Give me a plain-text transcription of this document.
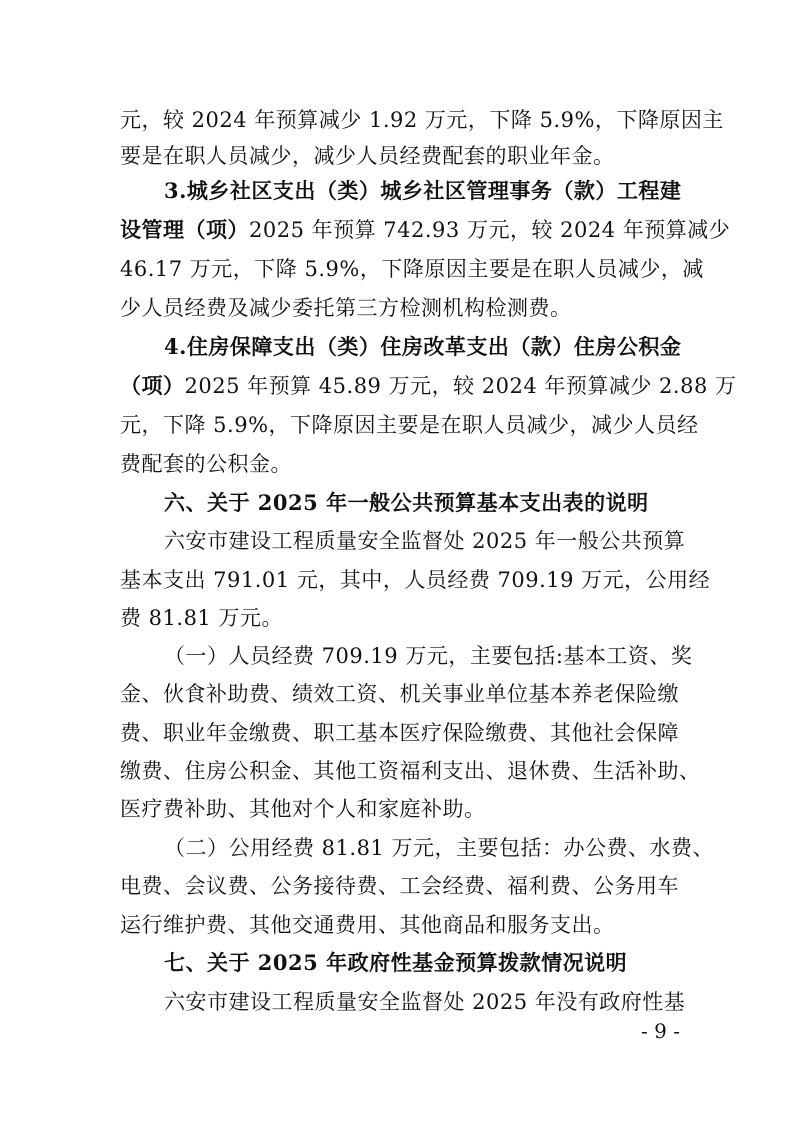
元，较 2024 年预算减少 1.92 万元，下降 5.9%，下降原因主
要是在职人员减少，减少人员经费配套的职业年金。
3.城乡社区支出（类）城乡社区管理事务（款）工程建
设管理（项）2025 年预算 742.93 万元，较 2024 年预算减少
46.17 万元，下降 5.9%，下降原因主要是在职人员减少，减
少人员经费及减少委托第三方检测机构检测费。
4.住房保障支出（类）住房改革支出（款）住房公积金
（项）2025 年预算 45.89 万元，较 2024 年预算减少 2.88 万
元，下降 5.9%，下降原因主要是在职人员减少，减少人员经
费配套的公积金。
六、关于 2025 年一般公共预算基本支出表的说明
六安市建设工程质量安全监督处 2025 年一般公共预算
基本支出 791.01 元，其中，人员经费 709.19 万元，公用经
费 81.81 万元。
（一）人员经费 709.19 万元，主要包括:基本工资、奖
金、伙食补助费、绩效工资、机关事业单位基本养老保险缴
费、职业年金缴费、职工基本医疗保险缴费、其他社会保障
缴费、住房公积金、其他工资福利支出、退休费、生活补助、
医疗费补助、其他对个人和家庭补助。
（二）公用经费 81.81 万元，主要包括：办公费、水费、
电费、会议费、公务接待费、工会经费、福利费、公务用车
运行维护费、其他交通费用、其他商品和服务支出。
七、关于 2025 年政府性基金预算拨款情况说明
六安市建设工程质量安全监督处 2025 年没有政府性基
- 9 -
